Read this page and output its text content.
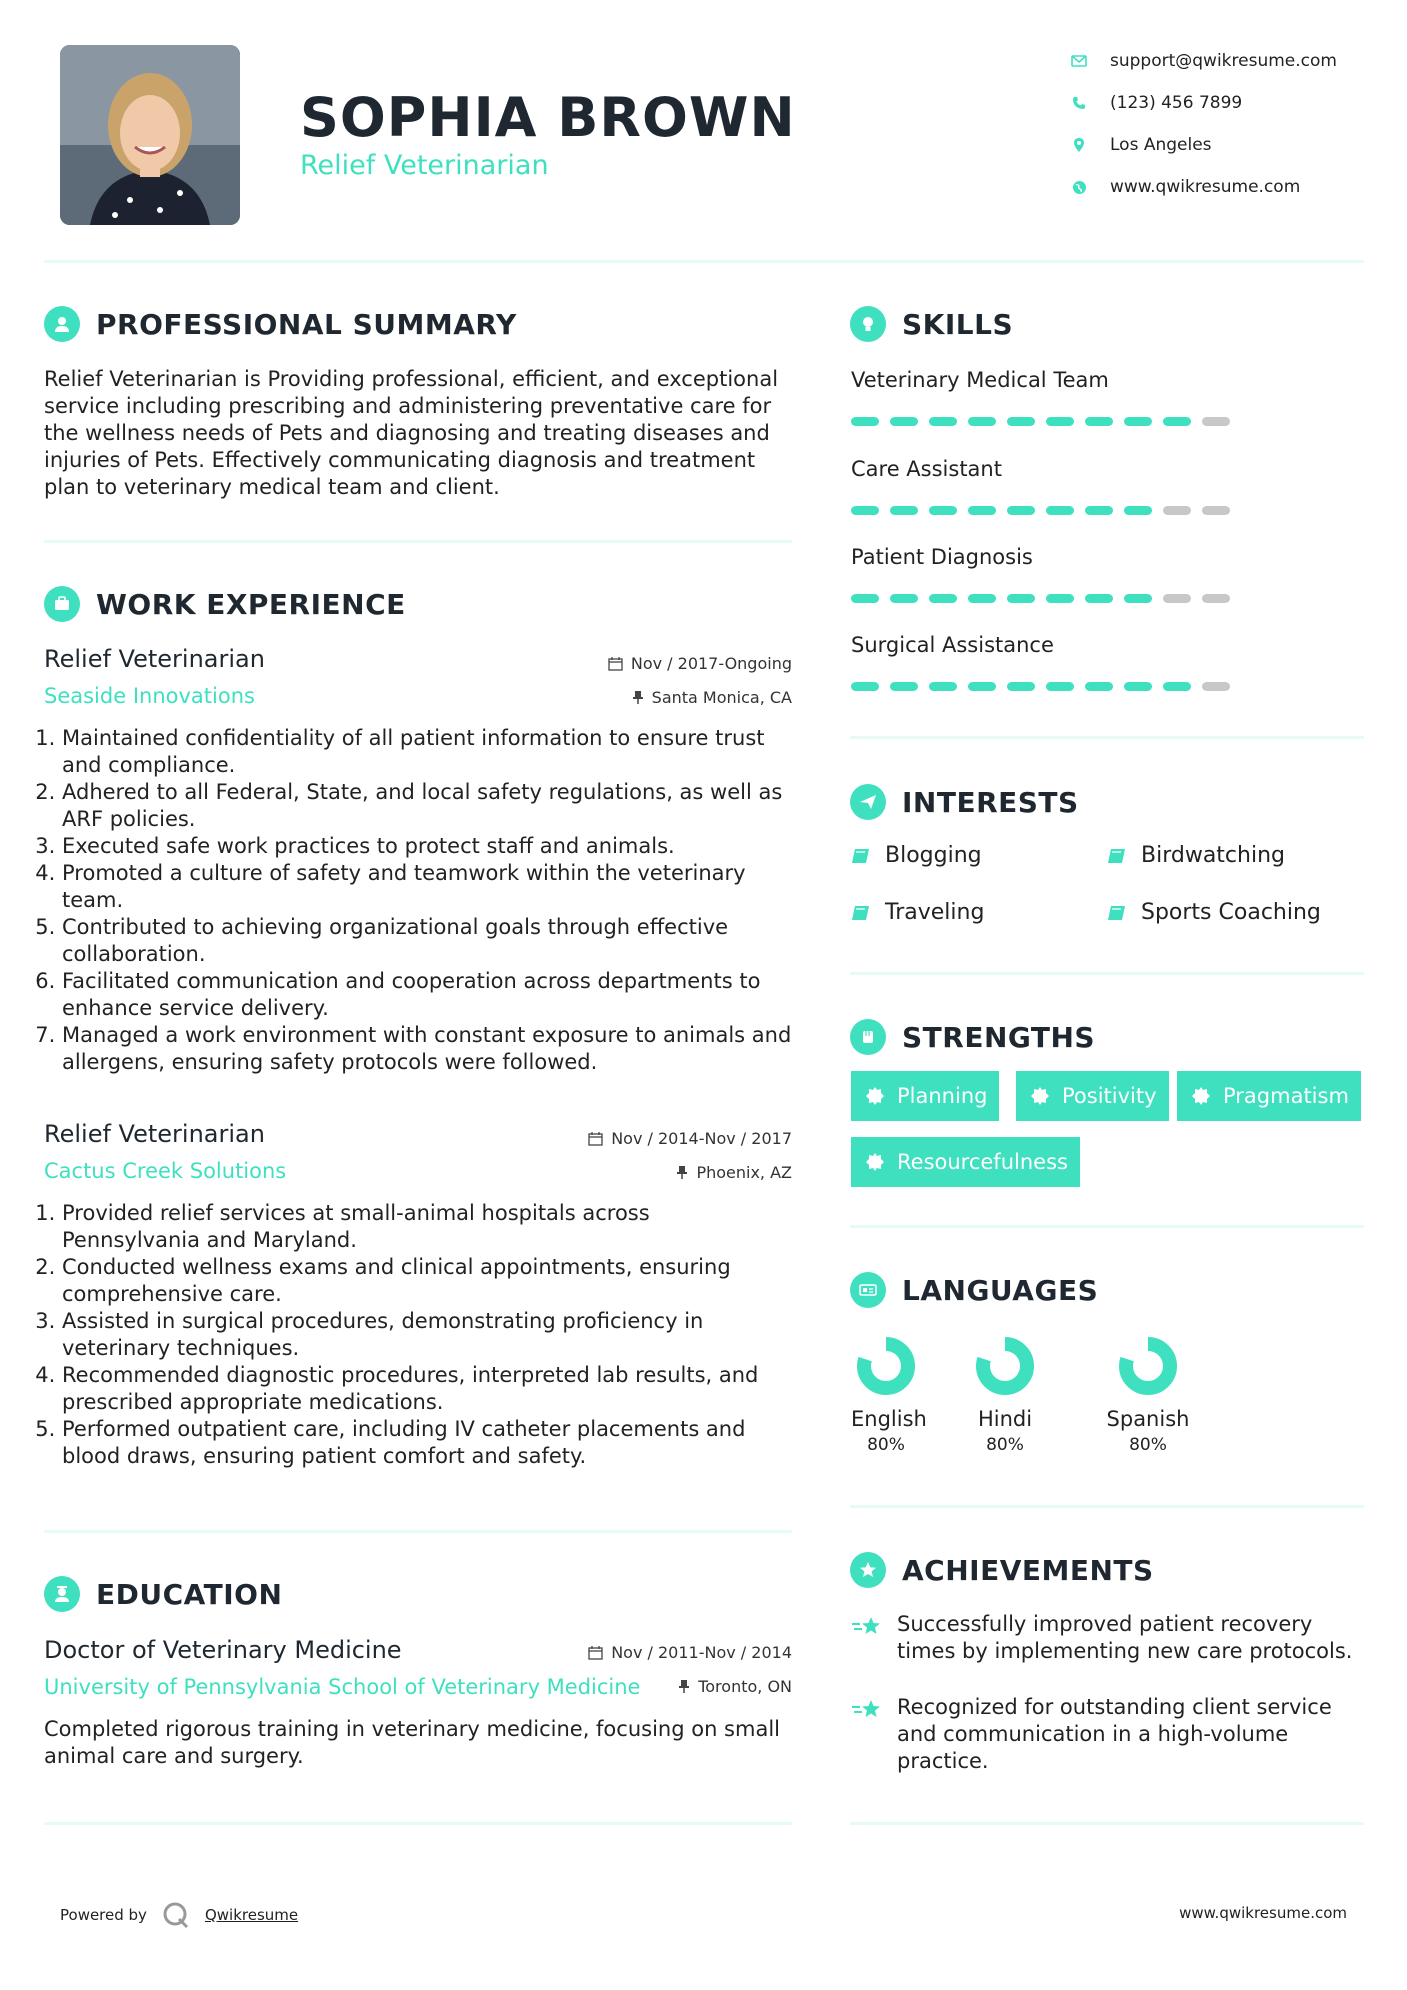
SOPHIA BROWN
Relief Veterinarian
support@qwikresume.com
(123) 456 7899
Los Angeles
www.qwikresume.com
PROFESSIONAL SUMMARY
Relief Veterinarian is Providing professional, efficient, and exceptional service including prescribing and administering preventative care for the wellness needs of Pets and diagnosing and treating diseases and injuries of Pets. Effectively communicating diagnosis and treatment plan to veterinary medical team and client.
WORK EXPERIENCE
Relief Veterinarian
Seaside Innovations
Nov / 2017-Ongoing
Santa Monica, CA
1. Maintained confidentiality of all patient information to ensure trust and compliance.
2. Adhered to all Federal, State, and local safety regulations, as well as ARF policies.
3. Executed safe work practices to protect staff and animals.
4. Promoted a culture of safety and teamwork within the veterinary team.
5. Contributed to achieving organizational goals through effective collaboration.
6. Facilitated communication and cooperation across departments to enhance service delivery.
7. Managed a work environment with constant exposure to animals and allergens, ensuring safety protocols were followed.
Relief Veterinarian
Cactus Creek Solutions
Nov / 2014-Nov / 2017
Phoenix, AZ
1. Provided relief services at small-animal hospitals across Pennsylvania and Maryland.
2. Conducted wellness exams and clinical appointments, ensuring comprehensive care.
3. Assisted in surgical procedures, demonstrating proficiency in veterinary techniques.
4. Recommended diagnostic procedures, interpreted lab results, and prescribed appropriate medications.
5. Performed outpatient care, including IV catheter placements and blood draws, ensuring patient comfort and safety.
EDUCATION
Doctor of Veterinary Medicine
University of Pennsylvania School of Veterinary Medicine
Nov / 2011-Nov / 2014
Toronto, ON
Completed rigorous training in veterinary medicine, focusing on small animal care and surgery.
SKILLS
Veterinary Medical Team
Care Assistant
Patient Diagnosis
Surgical Assistance
INTERESTS
Blogging	Birdwatching
Traveling	Sports Coaching
STRENGTHS
Planning	Positivity	Pragmatism
Resourcefulness
LANGUAGES
English
80%
Hindi
80%
Spanish
80%
ACHIEVEMENTS
Successfully improved patient recovery times by implementing new care protocols.
Recognized for outstanding client service and communication in a high-volume practice.
Powered by	Qwikresume	www.qwikresume.com
